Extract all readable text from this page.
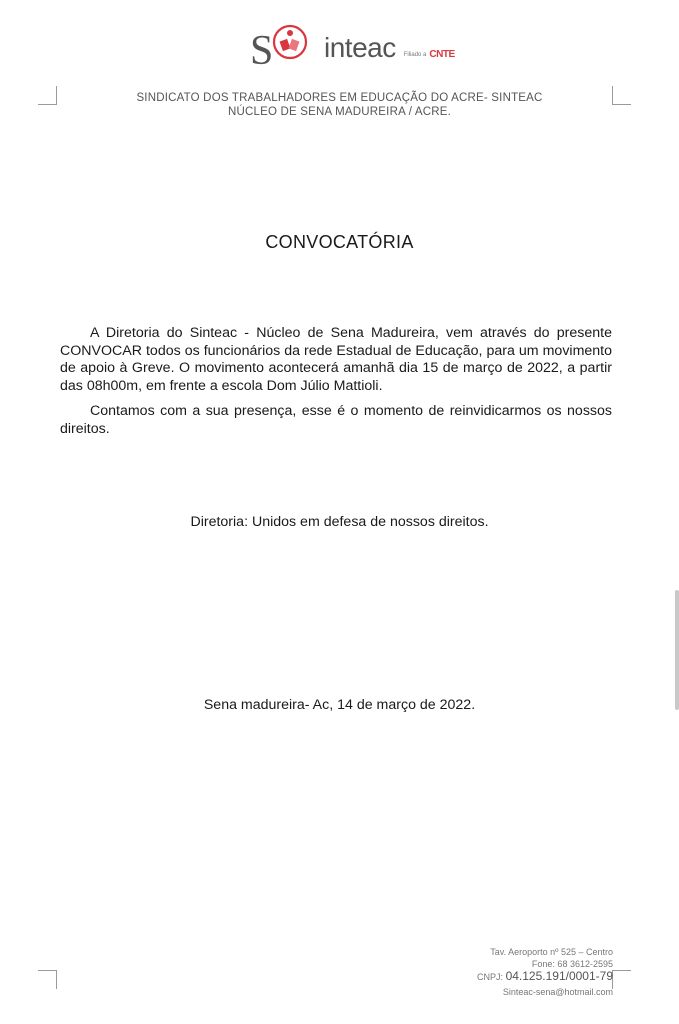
S inteac Filiado a CNTE
SINDICATO DOS TRABALHADORES EM EDUCAÇÃO DO ACRE- SINTEAC
NÚCLEO DE SENA MADUREIRA / ACRE.
CONVOCATÓRIA
A Diretoria do Sinteac - Núcleo de Sena Madureira, vem através do presente CONVOCAR todos os funcionários da rede Estadual de Educação, para um movimento de apoio à Greve. O movimento acontecerá amanhã dia 15 de março de 2022, a partir das 08h00m, em frente a escola Dom Júlio Mattioli.
Contamos com a sua presença, esse é o momento de reinvidicarmos os nossos direitos.
Diretoria: Unidos em defesa de nossos direitos.
Sena madureira- Ac, 14 de março de 2022.
Tav. Aeroporto nº 525 – Centro
Fone: 68 3612-2595
CNPJ: 04.125.191/0001-79
Sinteac-sena@hotmail.com
